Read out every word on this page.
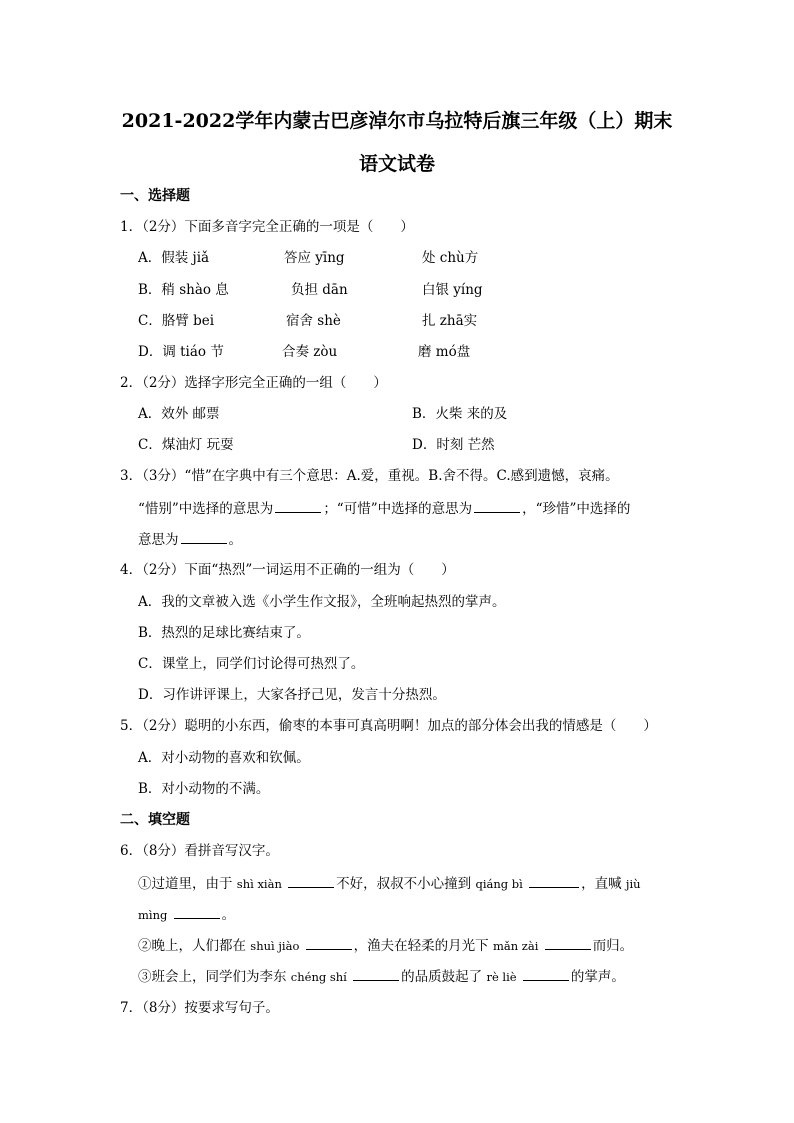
2021-2022学年内蒙古巴彦淖尔市乌拉特后旗三年级（上）期末
语文试卷
一、选择题
1．（2分）下面多音字完全正确的一项是（　　）
A．假装 jiǎ	答应 yīng	处 chù方
B．稍 shào 息	负担 dān	白银 yíng
C．胳臂 bei	宿舍 shè	扎 zhā实
D．调 tiáo 节	合奏 zòu	磨 mó盘
2．（2分）选择字形完全正确的一组（　　）
A．效外 邮票	B．火柴 来的及
C．煤油灯 玩耍	D．时刻 芒然
3．（3分）“惜”在字典中有三个意思：A.爱，重视。B.舍不得。C.感到遗憾，哀痛。
“惜别”中选择的意思为	；“可惜”中选择的意思为	，“珍惜”中选择的
意思为	。
4．（2分）下面“热烈”一词运用不正确的一组为（　　）
A．我的文章被入选《小学生作文报》，全班响起热烈的掌声。
B．热烈的足球比赛结束了。
C．课堂上，同学们讨论得可热烈了。
D．习作讲评课上，大家各抒己见，发言十分热烈。
5．（2分）聪明的小东西，偷枣的本事可真高明啊！加点的部分体会出我的情感是（　　）
A．对小动物的喜欢和钦佩。
B．对小动物的不满。
二、填空题
6．（8分）看拼音写汉字。
①过道里，由于 shì xiàn	不好，叔叔不小心撞到 qiáng bì	，直喊 jiù
mìng	。
②晚上，人们都在 shuì jiào	，渔夫在轻柔的月光下 mǎn zài	而归。
③班会上，同学们为李东 chéng shí	的品质鼓起了 rè liè	的掌声。
7．（8分）按要求写句子。
